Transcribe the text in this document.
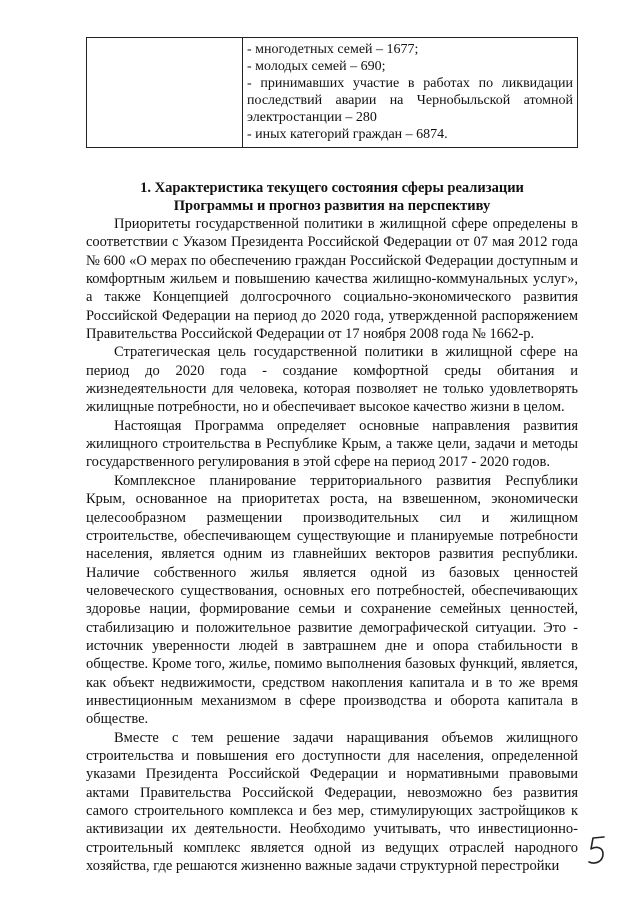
- многодетных семей – 1677;
- молодых семей – 690;
- принимавших участие в работах по ликвидации последствий аварии на Чернобыльской атомной электростанции – 280
- иных категорий граждан – 6874.
1. Характеристика текущего состояния сферы реализации
Программы и прогноз развития на перспективу

Приоритеты государственной политики в жилищной сфере определены в соответствии с Указом Президента Российской Федерации от 07 мая 2012 года № 600 «О мерах по обеспечению граждан Российской Федерации доступным и комфортным жильем и повышению качества жилищно-коммунальных услуг», а также Концепцией долгосрочного социально-экономического развития Российской Федерации на период до 2020 года, утвержденной распоряжением Правительства Российской Федерации от 17 ноября 2008 года № 1662-р.

Стратегическая цель государственной политики в жилищной сфере на период до 2020 года - создание комфортной среды обитания и жизнедеятельности для человека, которая позволяет не только удовлетворять жилищные потребности, но и обеспечивает высокое качество жизни в целом.

Настоящая Программа определяет основные направления развития жилищного строительства в Республике Крым, а также цели, задачи и методы государственного регулирования в этой сфере на период 2017 - 2020 годов.

Комплексное планирование территориального развития Республики Крым, основанное на приоритетах роста, на взвешенном, экономически целесообразном размещении производительных сил и жилищном строительстве, обеспечивающем существующие и планируемые потребности населения, является одним из главнейших векторов развития республики. Наличие собственного жилья является одной из базовых ценностей человеческого существования, основных его потребностей, обеспечивающих здоровье нации, формирование семьи и сохранение семейных ценностей, стабилизацию и положительное развитие демографической ситуации. Это - источник уверенности людей в завтрашнем дне и опора стабильности в обществе. Кроме того, жилье, помимо выполнения базовых функций, является, как объект недвижимости, средством накопления капитала и в то же время инвестиционным механизмом в сфере производства и оборота капитала в обществе.

Вместе с тем решение задачи наращивания объемов жилищного строительства и повышения его доступности для населения, определенной указами Президента Российской Федерации и нормативными правовыми актами Правительства Российской Федерации, невозможно без развития самого строительного комплекса и без мер, стимулирующих застройщиков к активизации их деятельности. Необходимо учитывать, что инвестиционно-строительный комплекс является одной из ведущих отраслей народного хозяйства, где решаются жизненно важные задачи структурной перестройки
